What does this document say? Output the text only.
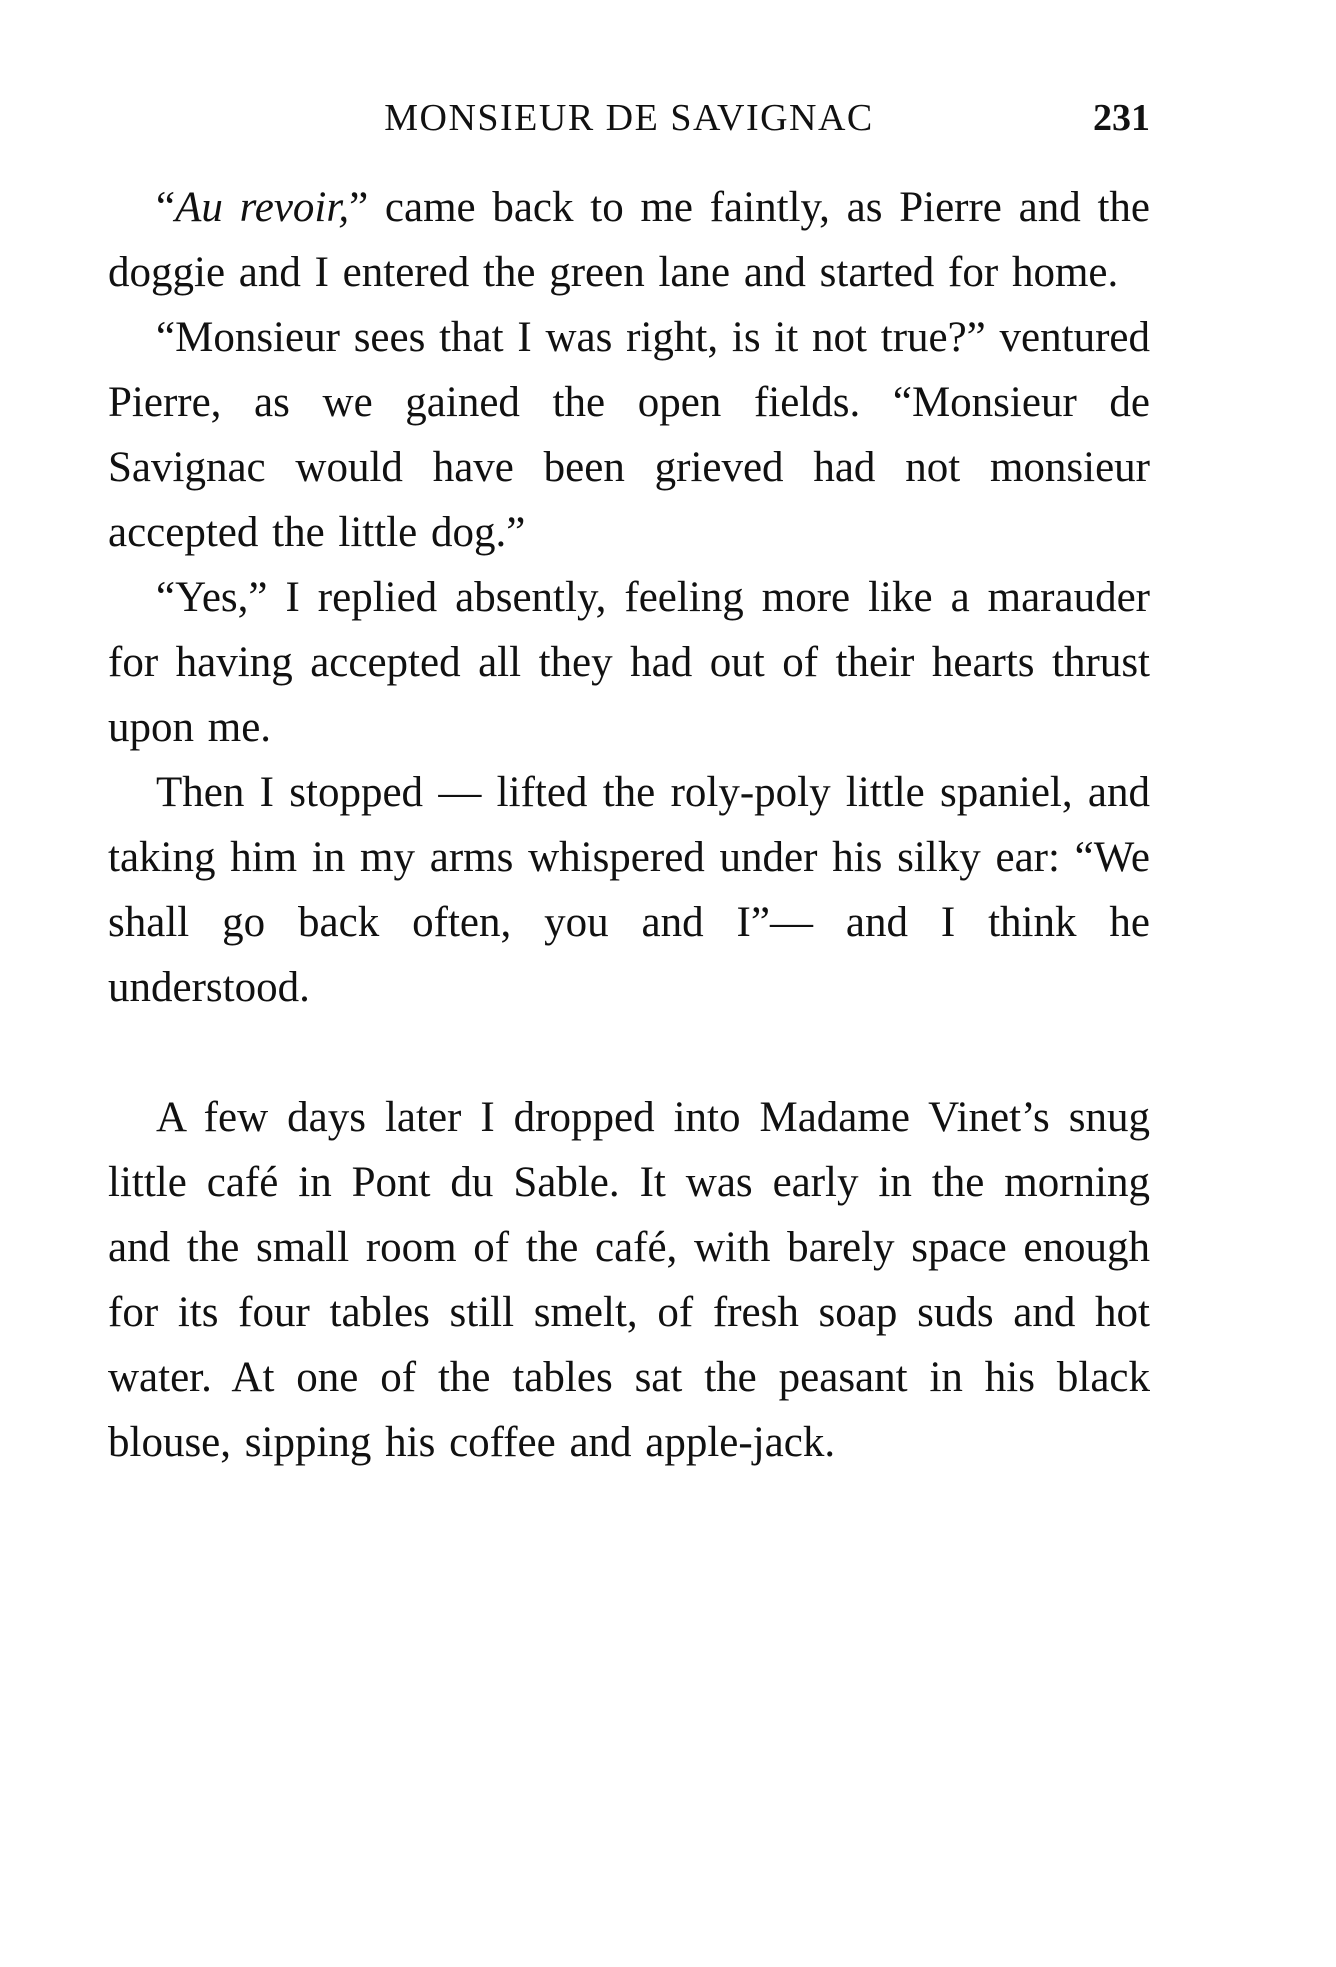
MONSIEUR DE SAVIGNAC	231

“Au revoir,” came back to me faintly, as Pierre and the doggie and I entered the green lane and started for home.

“Monsieur sees that I was right, is it not true?” ventured Pierre, as we gained the open fields. “Monsieur de Savignac would have been grieved had not monsieur accepted the little dog.”

“Yes,” I replied absently, feeling more like a marauder for having accepted all they had out of their hearts thrust upon me.

Then I stopped — lifted the roly-poly little spaniel, and taking him in my arms whispered under his silky ear: “We shall go back often, you and I”— and I think he understood.

A few days later I dropped into Madame Vinet’s snug little café in Pont du Sable. It was early in the morning and the small room of the café, with barely space enough for its four tables still smelt, of fresh soap suds and hot water. At one of the tables sat the peasant in his black blouse, sipping his coffee and apple-jack.
